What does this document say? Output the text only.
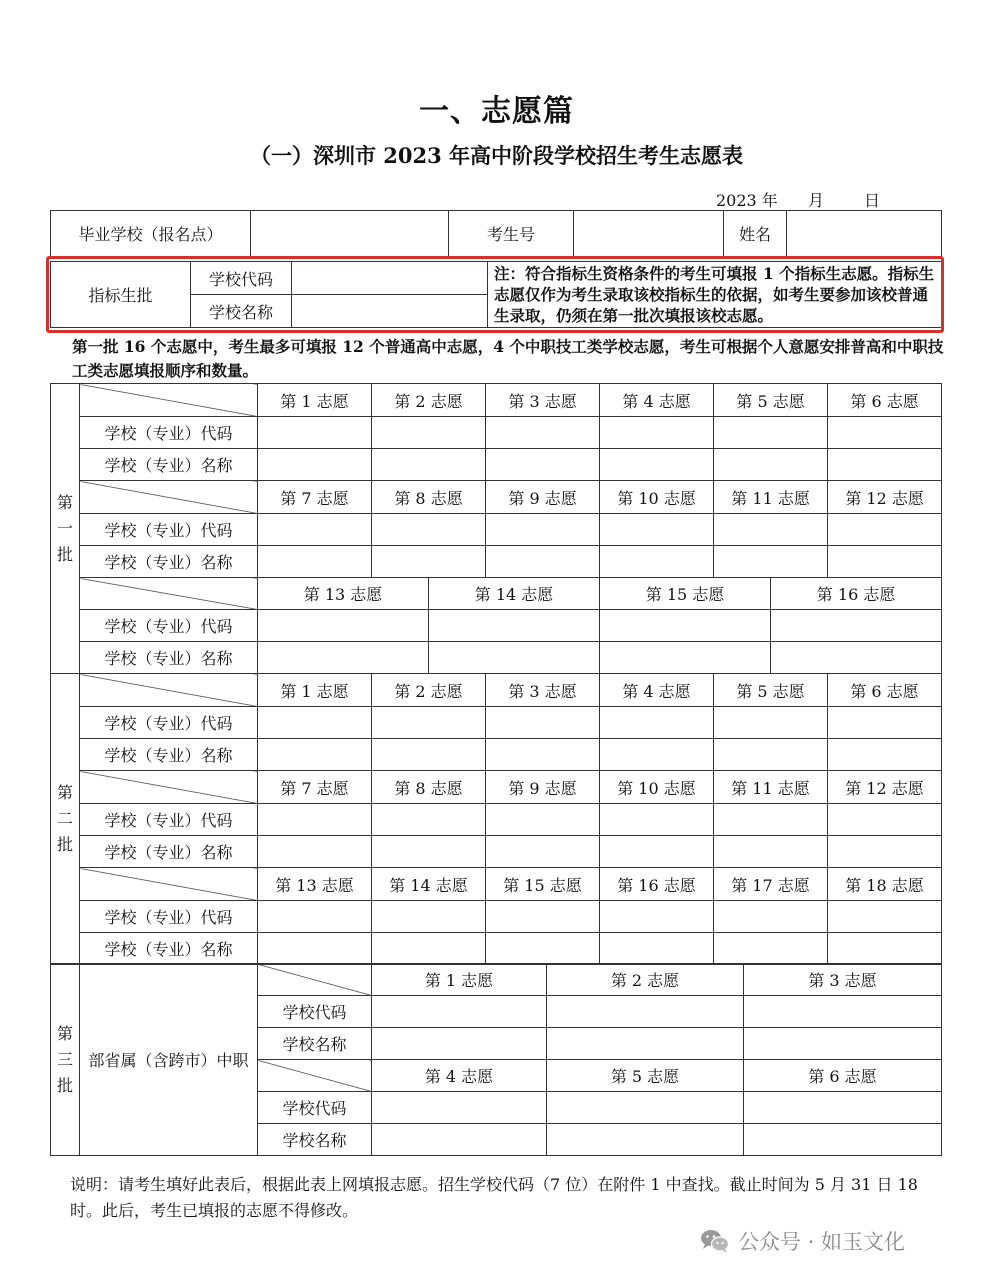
一、志愿篇
（一）深圳市 2023 年高中阶段学校招生考生志愿表
2023 年 月 日
毕业学校（报名点）		考生号		姓名	
指标生批	学校代码		注：符合指标生资格条件的考生可填报 1 个指标生志愿。指标生志愿仅作为考生录取该校指标生的依据，如考生要参加该校普通生录取，仍须在第一批次填报该校志愿。
	学校名称		
第一批 16 个志愿中，考生最多可填报 12 个普通高中志愿，4 个中职技工类学校志愿，考生可根据个人意愿安排普高和中职技工类志愿填报顺序和数量。
第
一
批		第 1 志愿	第 2 志愿		第 3 志愿	第 4 志愿	第 5 志愿		第 6 志愿
	学校（专业）代码								
	学校（专业）名称								
		第 7 志愿	第 8 志愿		第 9 志愿	第 10 志愿	第 11 志愿		第 12 志愿
	学校（专业）代码								
	学校（专业）名称								
		第 13 志愿		第 14 志愿		第 15 志愿		第 16 志愿	
	学校（专业）代码								
	学校（专业）名称								
第
二
批		第 1 志愿	第 2 志愿	第 3 志愿	第 4 志愿	第 5 志愿	第 6 志愿
	学校（专业）代码						
	学校（专业）名称						
		第 7 志愿	第 8 志愿	第 9 志愿	第 10 志愿	第 11 志愿	第 12 志愿
	学校（专业）代码						
	学校（专业）名称						
		第 13 志愿	第 14 志愿	第 15 志愿	第 16 志愿	第 17 志愿	第 18 志愿
	学校（专业）代码						
	学校（专业）名称						
第
三
批	部省属（含跨市）中职		第 1 志愿	第 2 志愿	第 3 志愿
		学校代码			
		学校名称			
			第 4 志愿	第 5 志愿	第 6 志愿
		学校代码			
		学校名称			
说明：请考生填好此表后，根据此表上网填报志愿。招生学校代码（7 位）在附件 1 中查找。截止时间为 5 月 31 日 18 时。此后，考生已填报的志愿不得修改。
公众号 · 如玉文化
